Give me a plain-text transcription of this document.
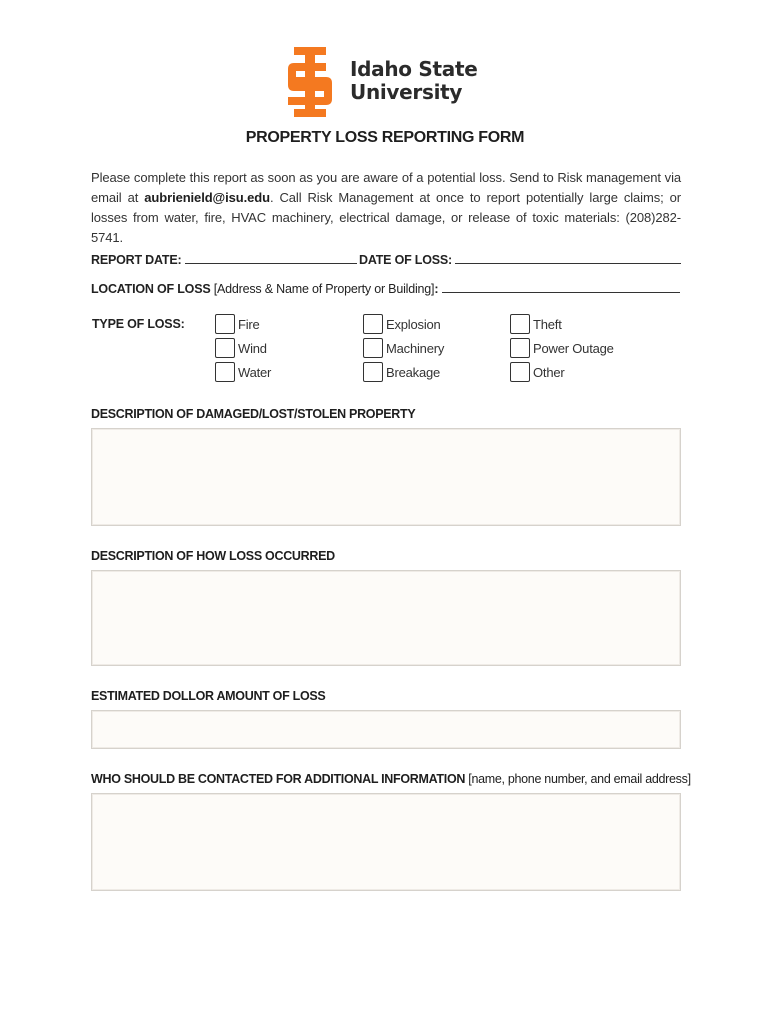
Idaho State
University
PROPERTY LOSS REPORTING FORM
Please complete this report as soon as you are aware of a potential loss. Send to Risk management via email at aubrienield@isu.edu. Call Risk Management at once to report potentially large claims; or losses from water, fire, HVAC machinery, electrical damage, or release of toxic materials: (208)282-5741.
REPORT DATE:	DATE OF LOSS:
LOCATION OF LOSS [Address & Name of Property or Building]:
TYPE OF LOSS:	Fire
Wind
Water
Explosion
Machinery
Breakage
Theft
Power Outage
Other
DESCRIPTION OF DAMAGED/LOST/STOLEN PROPERTY
DESCRIPTION OF HOW LOSS OCCURRED
ESTIMATED DOLLOR AMOUNT OF LOSS
WHO SHOULD BE CONTACTED FOR ADDITIONAL INFORMATION [name, phone number, and email address]
